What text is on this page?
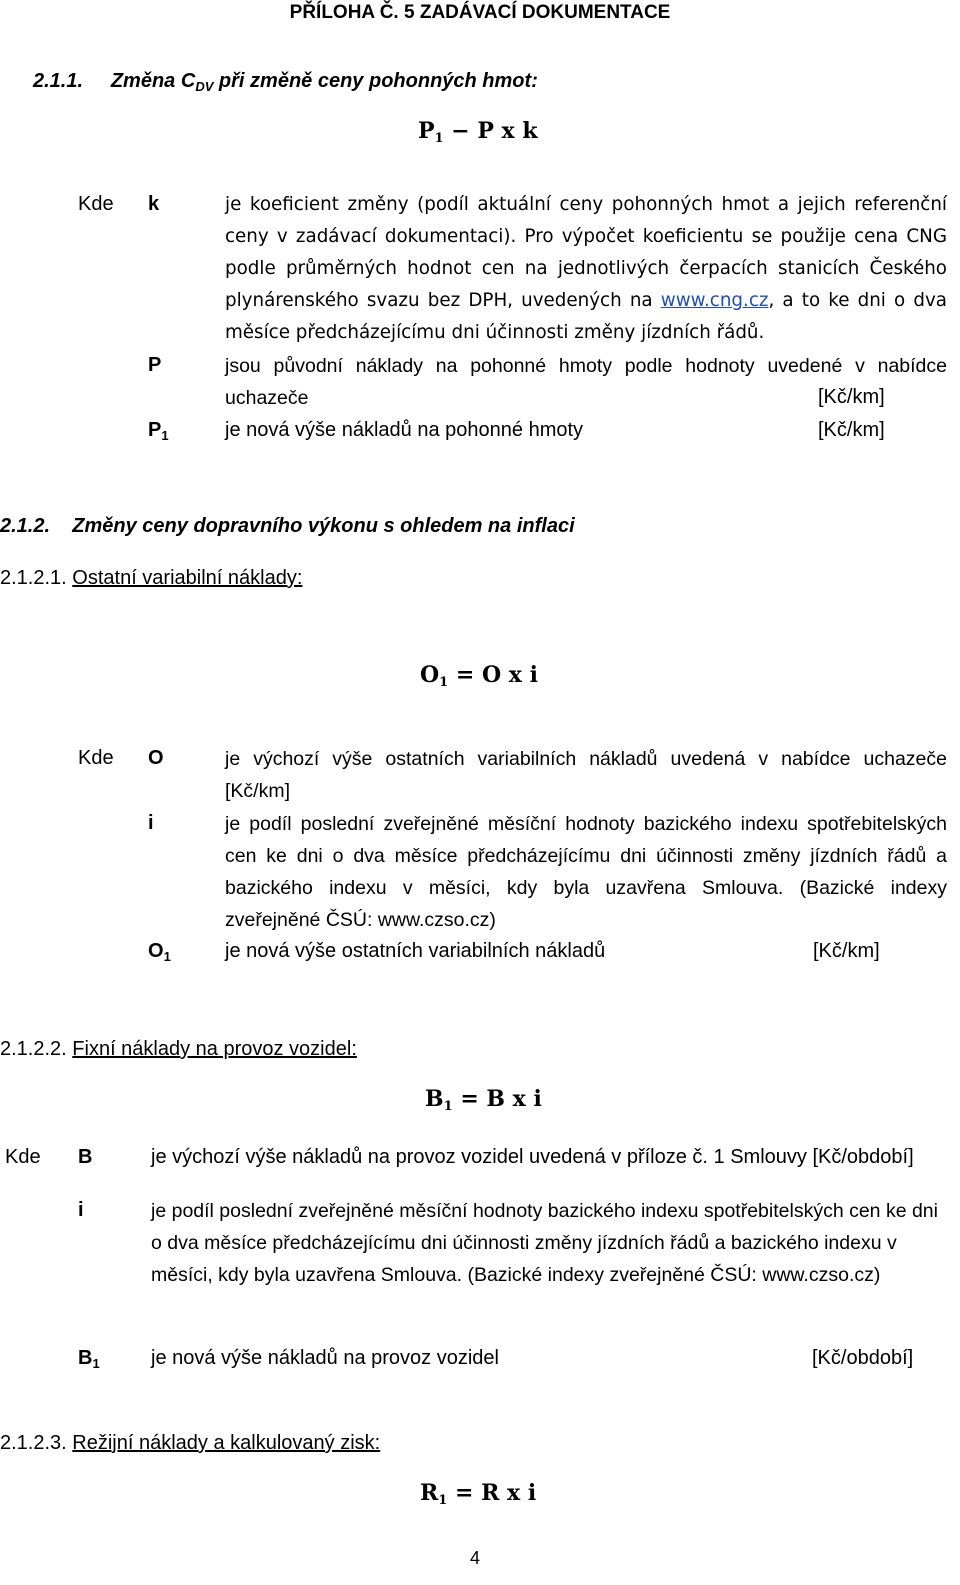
PŘÍLOHA Č. 5 ZADÁVACÍ DOKUMENTACE
2.1.1. Změna $C_{DV}$ při změně ceny pohonných hmot:
$P_1 - P$ x k
Kde k	je koeficient změny (podíl aktuální ceny pohonných hmot a jejich referenční ceny v zadávací dokumentaci). Pro výpočet koeficientu se použije cena CNG podle průměrných hodnot cen na jednotlivých čerpacích stanicích Českého plynárenského svazu bez DPH, uvedených na www.cng.cz, a to ke dni o dva měsíce předcházejícímu dni účinnosti změny jízdních řádů.
P	jsou původní náklady na pohonné hmoty podle hodnoty uvedené v nabídce uchazeče	[Kč/km]
$P_1$	je nová výše nákladů na pohonné hmoty	[Kč/km]
2.1.2. Změny ceny dopravního výkonu s ohledem na inflaci
2.1.2.1. Ostatní variabilní náklady:
$O_1 = O$ x i
Kde O	je výchozí výše ostatních variabilních nákladů uvedená v nabídce uchazeče [Kč/km]
i	je podíl poslední zveřejněné měsíční hodnoty bazického indexu spotřebitelských cen ke dni o dva měsíce předcházejícímu dni účinnosti změny jízdních řádů a bazického indexu v měsíci, kdy byla uzavřena Smlouva. (Bazické indexy zveřejněné ČSÚ: www.czso.cz)
$O_1$	je nová výše ostatních variabilních nákladů	[Kč/km]
2.1.2.2. Fixní náklady na provoz vozidel:
$B_1 = B$ x i
Kde B	je výchozí výše nákladů na provoz vozidel uvedená v příloze č. 1 Smlouvy [Kč/období]
i	je podíl poslední zveřejněné měsíční hodnoty bazického indexu spotřebitelských cen ke dni o dva měsíce předcházejícímu dni účinnosti změny jízdních řádů a bazického indexu v měsíci, kdy byla uzavřena Smlouva. (Bazické indexy zveřejněné ČSÚ: www.czso.cz)
$B_1$	je nová výše nákladů na provoz vozidel	[Kč/období]
2.1.2.3. Režijní náklady a kalkulovaný zisk:
$R_1 = R$ x i
4
